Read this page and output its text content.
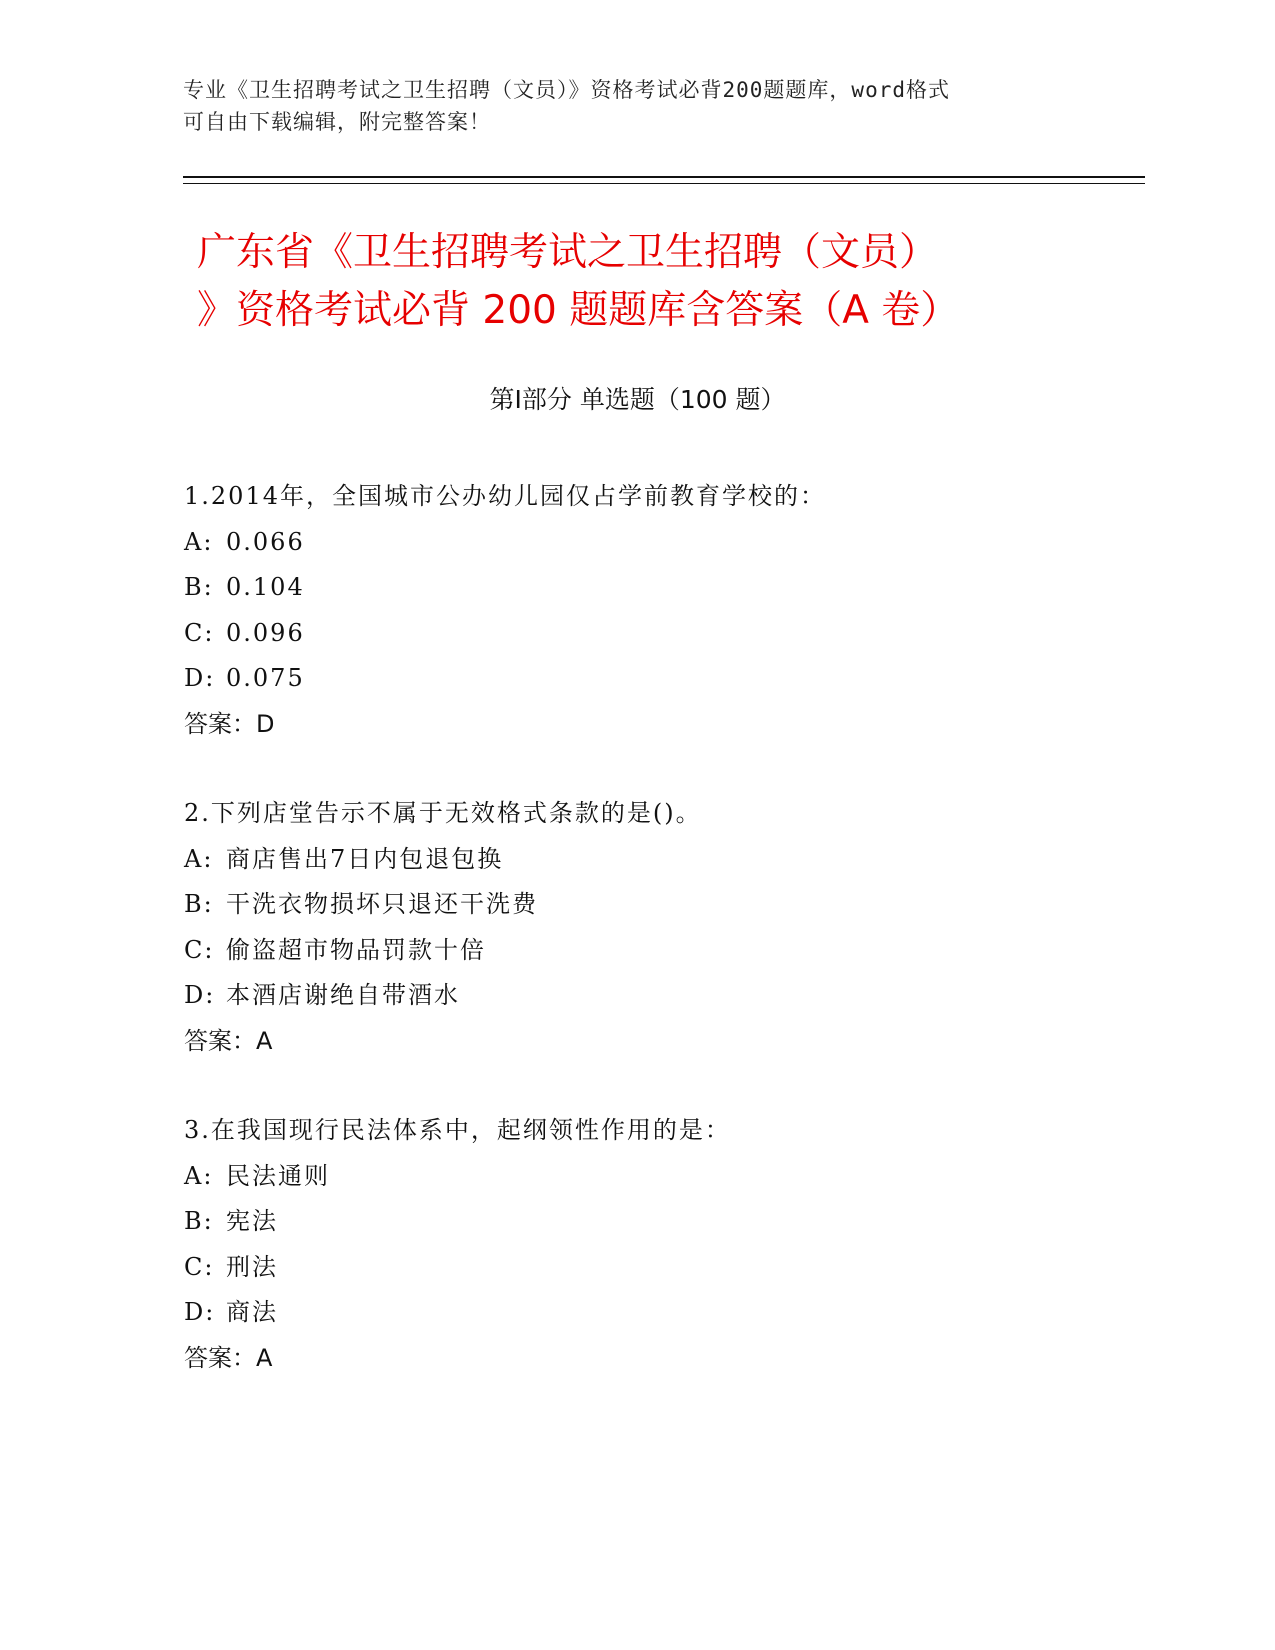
专业《卫生招聘考试之卫生招聘（文员）》资格考试必背200题题库，word格式
可自由下载编辑，附完整答案！
广东省《卫生招聘考试之卫生招聘（文员）
》资格考试必背 200 题题库含答案（A 卷）
第Ⅰ部分 单选题（100 题）
1.2014年，全国城市公办幼儿园仅占学前教育学校的：
A: 0.066
B: 0.104
C: 0.096
D: 0.075
答案：D
2.下列店堂告示不属于无效格式条款的是()。
A: 商店售出7日内包退包换
B: 干洗衣物损坏只退还干洗费
C: 偷盗超市物品罚款十倍
D: 本酒店谢绝自带酒水
答案：A
3.在我国现行民法体系中，起纲领性作用的是：
A: 民法通则
B: 宪法
C: 刑法
D: 商法
答案：A
